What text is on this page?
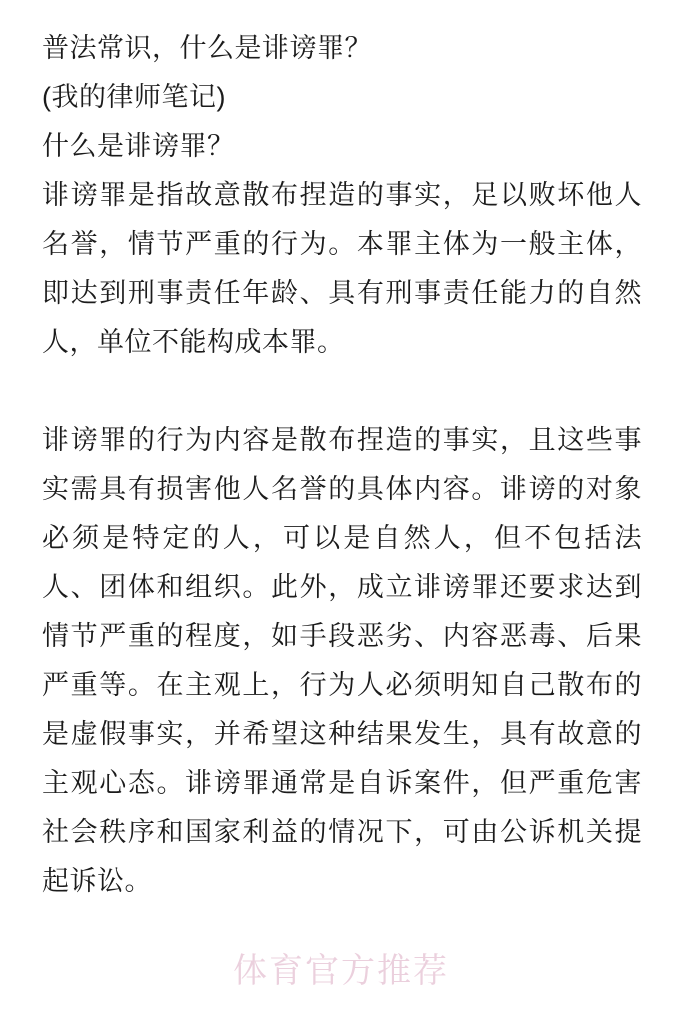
普法常识，什么是诽谤罪？
(我的律师笔记)
什么是诽谤罪？

诽谤罪是指故意散布捏造的事实，足以败坏他人名誉，情节严重的行为。本罪主体为一般主体，即达到刑事责任年龄、具有刑事责任能力的自然人，单位不能构成本罪。

诽谤罪的行为内容是散布捏造的事实，且这些事实需具有损害他人名誉的具体内容。诽谤的对象必须是特定的人，可以是自然人，但不包括法人、团体和组织。此外，成立诽谤罪还要求达到情节严重的程度，如手段恶劣、内容恶毒、后果严重等。在主观上，行为人必须明知自己散布的是虚假事实，并希望这种结果发生，具有故意的主观心态。诽谤罪通常是自诉案件，但严重危害社会秩序和国家利益的情况下，可由公诉机关提起诉讼。

体育官方推荐
